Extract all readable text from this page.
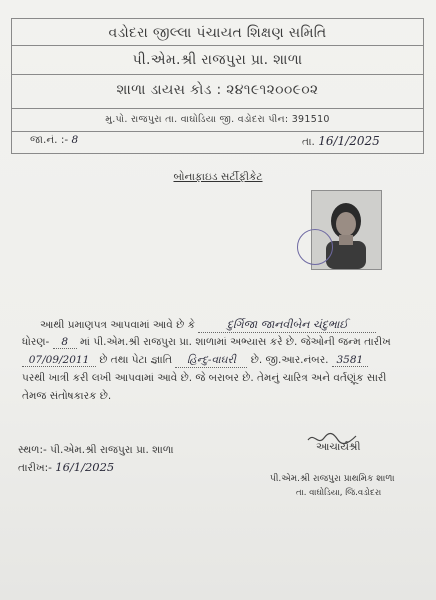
વડોદરા જીલ્લા પંચાયત શિક્ષણ સમિતિ
પી.એમ.શ્રી રાજપુરા પ્રા. શાળા
શાળા ડાયસ કોડ : ૨૪૧૯૧૨૦૦૯૦૨
મુ.પો. રાજપુરા તા. વાઘોડિયા જી. વડોદરા પીન: 391510
જા.નં. :- 8	તા. 16/1/2025
બોનાફાઇડ સર્ટીફીકેટ
આથી પ્રમાણપત્ર આપવામાં આવે છે કે	દુર્ગિજા જાનવીબેન ચંદુભાઈ
ધોરણ- 8 માં પી.એમ.શ્રી રાજપુરા પ્રા. શાળામાં અભ્યાસ કરે છે. જેઓની જન્મ તારીખ
07/09/2011 છે તથા પેટા જ્ઞાતિ હિન્દુ-વાઘરી છે. જી.આર.નંબર. 3581
પરથી ખાત્રી કરી લખી આપવામાં આવે છે. જે બરાબર છે. તેમનું ચારિત્ર અને વર્તણૂંક સારી
તેમજ સંતોષકારક છે.
સ્થળ:- પી.એમ.શ્રી રાજપુરા પ્રા. શાળા	આચાર્યશ્રી
તારીખ:- 16/1/2025
પી.એમ.શ્રી રાજપુરા પ્રાથમિક શાળા
તા. વાઘોડિયા, જિ.વડોદરા
